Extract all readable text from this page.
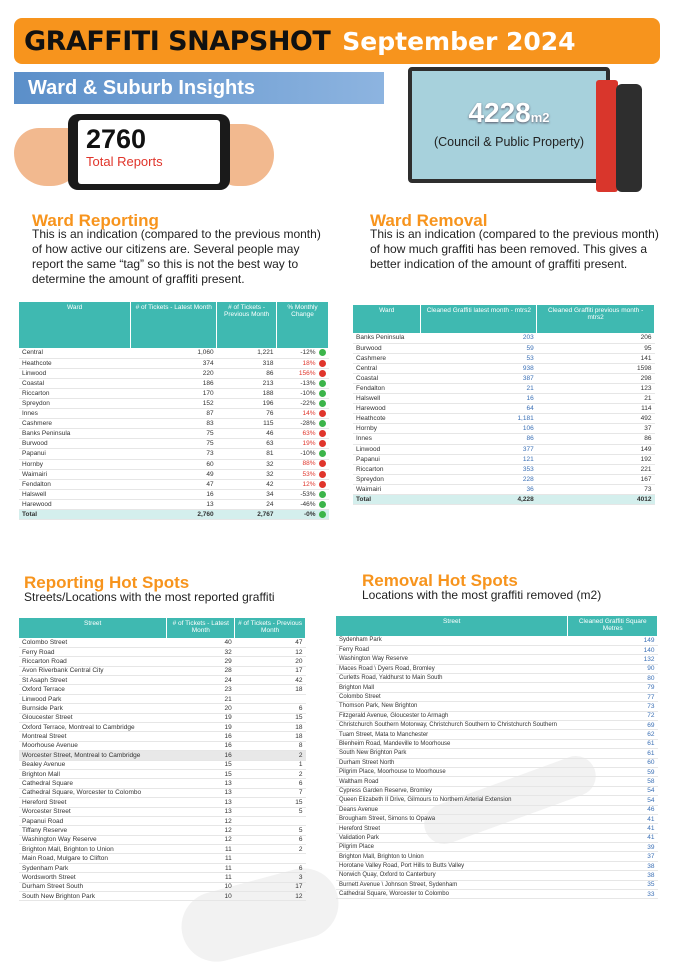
GRAFFITI SNAPSHOT September 2024
Ward & Suburb Insights
2760
Total Reports
4228m2
(Council & Public Property)
Ward Reporting
This is an indication (compared to the previous month) of how active our citizens are. Several people may report the same “tag” so this is not the best way to determine the amount of graffiti present.
Ward	# of Tickets - Latest Month	# of Tickets - Previous Month	% Monthly Change
Central	1,060	1,221	-12%
Heathcote	374	318	18%
Linwood	220	86	156%
Coastal	186	213	-13%
Riccarton	170	188	-10%
Spreydon	152	196	-22%
Innes	87	76	14%
Cashmere	83	115	-28%
Banks Peninsula	75	46	63%
Burwood	75	63	19%
Papanui	73	81	-10%
Hornby	60	32	88%
Waimairi	49	32	53%
Fendalton	47	42	12%
Halswell	16	34	-53%
Harewood	13	24	-46%
Total	2,760	2,767	-0%
Ward Removal
This is an indication (compared to the previous month) of how much graffiti has been removed. This gives a better indication of the amount of graffiti present.
Ward	Cleaned Graffiti latest month - mtrs2	Cleaned Graffiti previous month - mtrs2
Banks Peninsula	203	206
Burwood	59	95
Cashmere	53	141
Central	938	1598
Coastal	387	298
Fendalton	21	123
Halswell	16	21
Harewood	64	114
Heathcote	1,181	492
Hornby	106	37
Innes	86	86
Linwood	377	149
Papanui	121	192
Riccarton	353	221
Spreydon	228	167
Waimairi	36	73
Total	4,228	4012
Reporting Hot Spots
Streets/Locations with the most reported graffiti
Street	# of Tickets - Latest Month	# of Tickets - Previous Month
Colombo Street	40	47
Ferry Road	32	12
Riccarton Road	29	20
Avon Riverbank Central City	28	17
St Asaph Street	24	42
Oxford Terrace	23	18
Linwood Park	21	
Burnside Park	20	6
Gloucester Street	19	15
Oxford Terrace, Montreal to Cambridge	19	18
Montreal Street	16	18
Moorhouse Avenue	16	8
Worcester Street, Montreal to Cambridge	16	2
Bealey Avenue	15	1
Brighton Mall	15	2
Cathedral Square	13	6
Cathedral Square, Worcester to Colombo	13	7
Hereford Street	13	15
Worcester Street	13	5
Papanui Road	12	
Tiffany Reserve	12	5
Washington Way Reserve	12	6
Brighton Mall, Brighton to Union	11	2
Main Road, Mulgare to Clifton	11	
Sydenham Park	11	6
Wordsworth Street	11	3
Durham Street South	10	17
South New Brighton Park	10	12
Removal Hot Spots
Locations with the most graffiti removed (m2)
Street	Cleaned Graffiti Square Metres
Sydenham Park	149
Ferry Road	140
Washington Way Reserve	132
Maces Road \ Dyers Road, Bromley	90
Curletts Road, Yaldhurst to Main South	80
Brighton Mall	79
Colombo Street	77
Thomson Park, New Brighton	73
Fitzgerald Avenue, Gloucester to Armagh	72
Christchurch Southern Motorway, Christchurch Southern to Christchurch Southern	69
Tuam Street, Mata to Manchester	62
Blenheim Road, Mandeville to Moorhouse	61
South New Brighton Park	61
Durham Street North	60
Pilgrim Place, Moorhouse to Moorhouse	59
Waltham Road	58
Cypress Garden Reserve, Bromley	54
Queen Elizabeth II Drive, Gilmours to Northern Arterial Extension	54
Deans Avenue	46
Brougham Street, Simons to Opawa	41
Hereford Street	41
Validation Park	41
Pilgrim Place	39
Brighton Mall, Brighton to Union	37
Horotane Valley Road, Port Hills to Butts Valley	38
Norwich Quay, Oxford to Canterbury	38
Burnett Avenue \ Johnson Street, Sydenham	35
Cathedral Square, Worcester to Colombo	33
